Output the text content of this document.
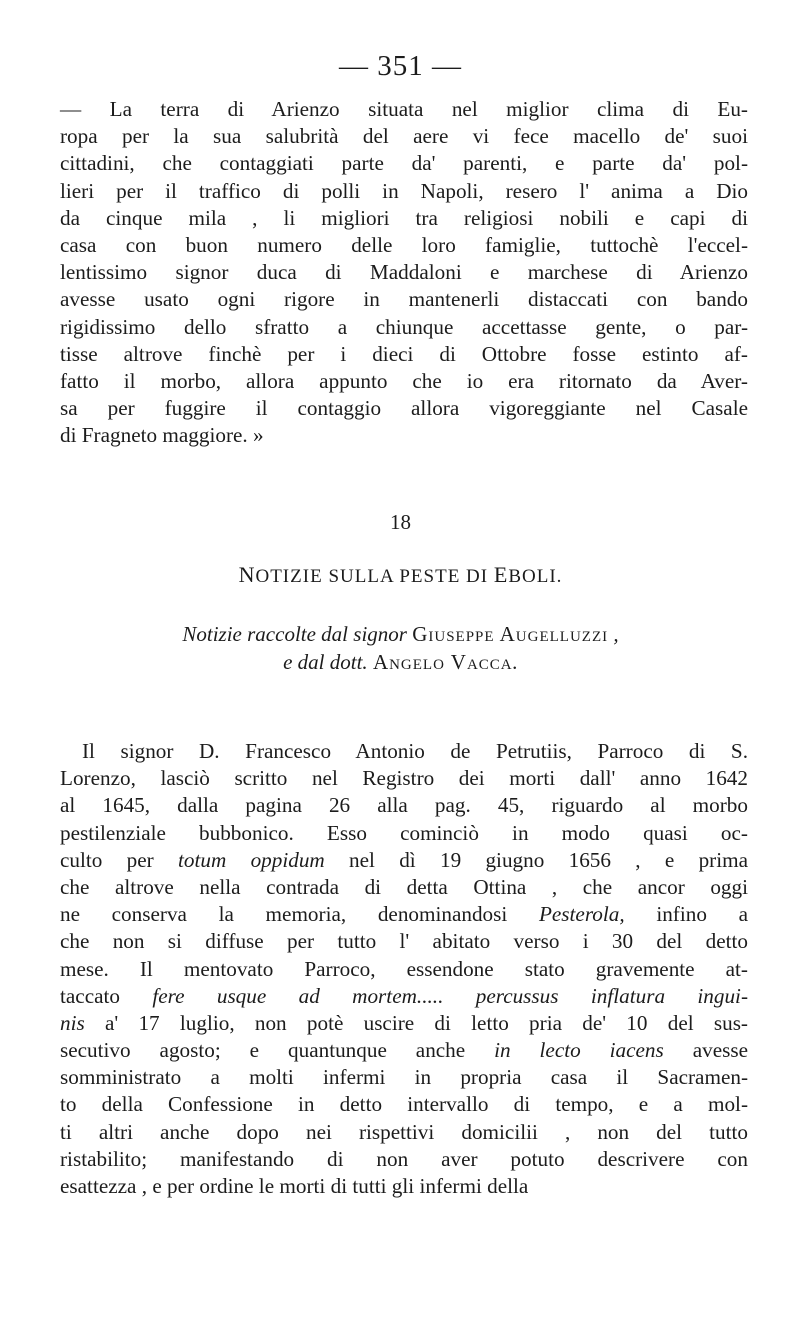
— 351 —
— La terra di Arienzo situata nel miglior clima di Eu-
ropa per la sua salubrità del aere vi fece macello de' suoi
cittadini, che contaggiati parte da' parenti, e parte da' pol-
lieri per il traffico di polli in Napoli, resero l' anima a Dio
da cinque mila , li migliori tra religiosi nobili e capi di
casa con buon numero delle loro famiglie, tuttochè l'eccel-
lentissimo signor duca di Maddaloni e marchese di Arienzo
avesse usato ogni rigore in mantenerli distaccati con bando
rigidissimo dello sfratto a chiunque accettasse gente, o par-
tisse altrove finchè per i dieci di Ottobre fosse estinto af-
fatto il morbo, allora appunto che io era ritornato da Aver-
sa per fuggire il contaggio allora vigoreggiante nel Casale
di Fragneto maggiore. »
18
NOTIZIE SULLA PESTE DI EBOLI.
Notizie raccolte dal signor Giuseppe Augelluzzi ,
e dal dott. Angelo Vacca.
Il signor D. Francesco Antonio de Petrutiis, Parroco di S.
Lorenzo, lasciò scritto nel Registro dei morti dall' anno 1642
al 1645, dalla pagina 26 alla pag. 45, riguardo al morbo
pestilenziale bubbonico. Esso cominciò in modo quasi oc-
culto per totum oppidum nel dì 19 giugno 1656 , e prima
che altrove nella contrada di detta Ottina , che ancor oggi
ne conserva la memoria, denominandosi Pesterola, infino a
che non si diffuse per tutto l' abitato verso i 30 del detto
mese. Il mentovato Parroco, essendone stato gravemente at-
taccato fere usque ad mortem..... percussus inflatura ingui-
nis a' 17 luglio, non potè uscire di letto pria de' 10 del sus-
secutivo agosto; e quantunque anche in lecto iacens avesse
somministrato a molti infermi in propria casa il Sacramen-
to della Confessione in detto intervallo di tempo, e a mol-
ti altri anche dopo nei rispettivi domicilii , non del tutto
ristabilito; manifestando di non aver potuto descrivere con
esattezza , e per ordine le morti di tutti gli infermi della
